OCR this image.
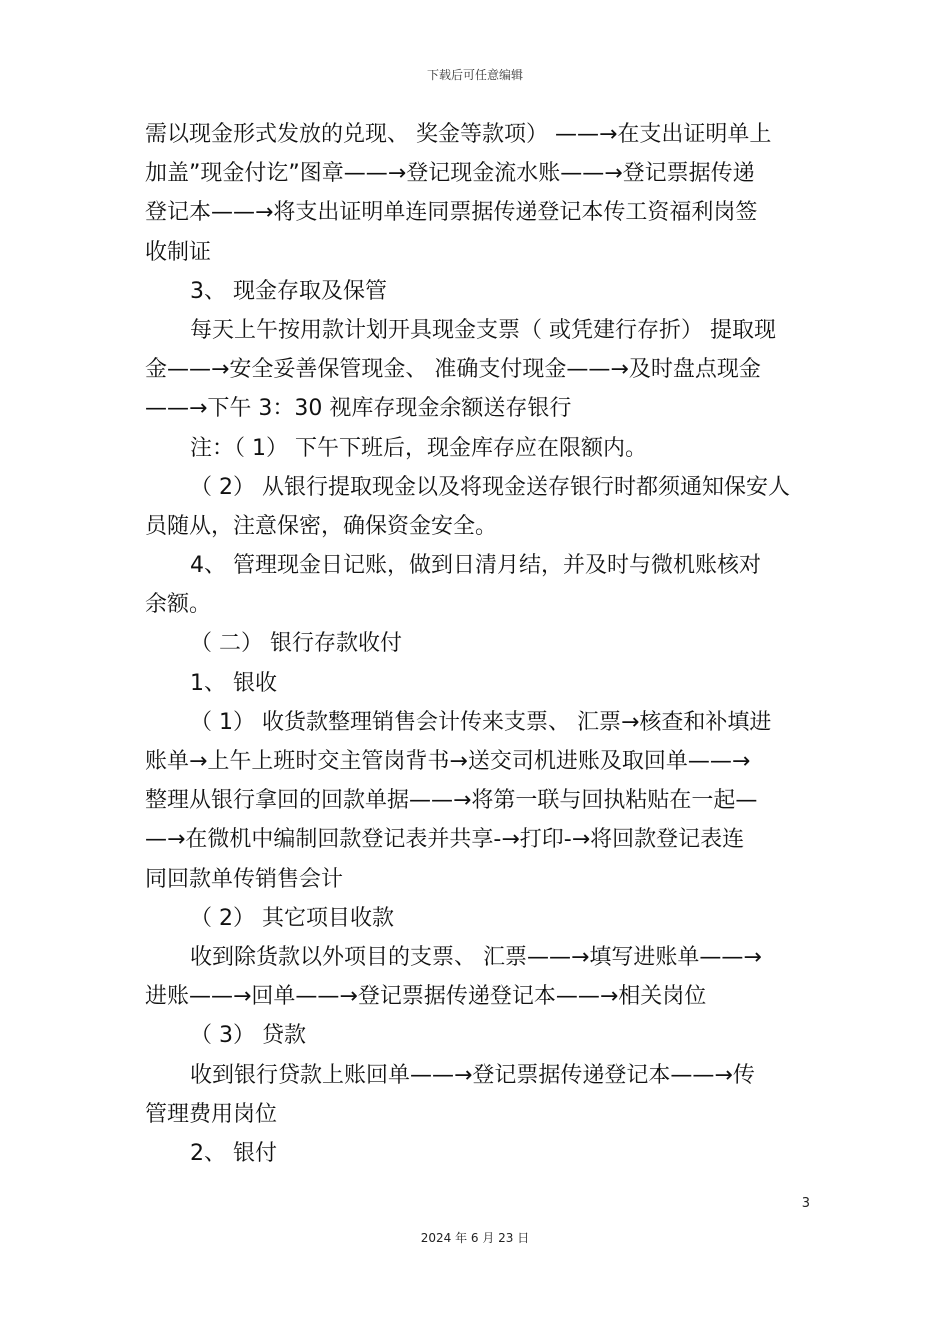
下载后可任意编辑
需以现金形式发放的兑现、 奖金等款项） ——→在支出证明单上
加盖”现金付讫”图章——→登记现金流水账——→登记票据传递
登记本——→将支出证明单连同票据传递登记本传工资福利岗签
收制证
3、 现金存取及保管
每天上午按用款计划开具现金支票（ 或凭建行存折） 提取现
金——→安全妥善保管现金、 准确支付现金——→及时盘点现金
——→下午 3：30 视库存现金余额送存银行
注：（ 1） 下午下班后，现金库存应在限额内。
（ 2） 从银行提取现金以及将现金送存银行时都须通知保安人
员随从，注意保密，确保资金安全。
4、 管理现金日记账，做到日清月结，并及时与微机账核对
余额。
（ 二） 银行存款收付
1、 银收
（ 1） 收货款整理销售会计传来支票、 汇票→核查和补填进
账单→上午上班时交主管岗背书→送交司机进账及取回单——→
整理从银行拿回的回款单据——→将第一联与回执粘贴在一起—
—→在微机中编制回款登记表并共享-→打印-→将回款登记表连
同回款单传销售会计
（ 2） 其它项目收款
收到除货款以外项目的支票、 汇票——→填写进账单——→
进账——→回单——→登记票据传递登记本——→相关岗位
（ 3） 贷款
收到银行贷款上账回单——→登记票据传递登记本——→传
管理费用岗位
2、 银付
3
2024 年 6 月 23 日
